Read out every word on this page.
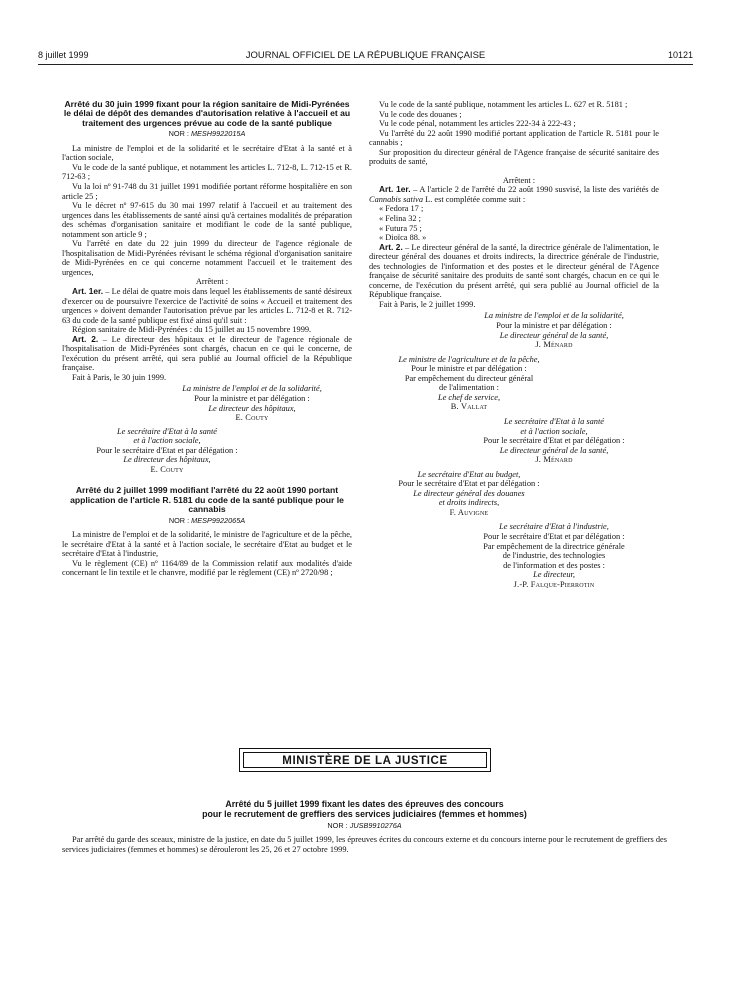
8 juillet 1999	JOURNAL OFFICIEL DE LA RÉPUBLIQUE FRANÇAISE	10121
Arrêté du 30 juin 1999 fixant pour la région sanitaire de Midi-Pyrénées le délai de dépôt des demandes d'autorisation relative à l'accueil et au traitement des urgences prévue au code de la santé publique
NOR : MESH9922015A

La ministre de l'emploi et de la solidarité et le secrétaire d'Etat à la santé et à l'action sociale,

Vu le code de la santé publique, et notamment les articles L. 712-8, L. 712-15 et R. 712-63 ;

Vu la loi nº 91-748 du 31 juillet 1991 modifiée portant réforme hospitalière en son article 25 ;

Vu le décret nº 97-615 du 30 mai 1997 relatif à l'accueil et au traitement des urgences dans les établissements de santé ainsi qu'à certaines modalités de préparation des schémas d'organisation sanitaire et modifiant le code de la santé publique, notamment son article 9 ;

Vu l'arrêté en date du 22 juin 1999 du directeur de l'agence régionale de l'hospitalisation de Midi-Pyrénées révisant le schéma régional d'organisation sanitaire de Midi-Pyrénées en ce qui concerne notamment l'accueil et le traitement des urgences,

Arrêtent :

Art. 1er. – Le délai de quatre mois dans lequel les établissements de santé désireux d'exercer ou de poursuivre l'exercice de l'activité de soins « Accueil et traitement des urgences » doivent demander l'autorisation prévue par les articles L. 712-8 et R. 712-63 du code de la santé publique est fixé ainsi qu'il suit :

Région sanitaire de Midi-Pyrénées : du 15 juillet au 15 novembre 1999.

Art. 2. – Le directeur des hôpitaux et le directeur de l'agence régionale de l'hospitalisation de Midi-Pyrénées sont chargés, chacun en ce qui le concerne, de l'exécution du présent arrêté, qui sera publié au Journal officiel de la République française.

Fait à Paris, le 30 juin 1999.

La ministre de l'emploi et de la solidarité,
Pour la ministre et par délégation :
Le directeur des hôpitaux,
E. Couty
Le secrétaire d'Etat à la santé
et à l'action sociale,
Pour le secrétaire d'Etat et par délégation :
Le directeur des hôpitaux,
E. Couty
Arrêté du 2 juillet 1999 modifiant l'arrêté du 22 août 1990 portant application de l'article R. 5181 du code de la santé publique pour le cannabis
NOR : MESP9922065A

La ministre de l'emploi et de la solidarité, le ministre de l'agriculture et de la pêche, le secrétaire d'Etat à la santé et à l'action sociale, le secrétaire d'Etat au budget et le secrétaire d'Etat à l'industrie,

Vu le règlement (CE) nº 1164/89 de la Commission relatif aux modalités d'aide concernant le lin textile et le chanvre, modifié par le règlement (CE) nº 2720/98 ;

Vu le code de la santé publique, notamment les articles L. 627 et R. 5181 ;

Vu le code des douanes ;

Vu le code pénal, notamment les articles 222-34 à 222-43 ;

Vu l'arrêté du 22 août 1990 modifié portant application de l'article R. 5181 pour le cannabis ;

Sur proposition du directeur général de l'Agence française de sécurité sanitaire des produits de santé,

Arrêtent :

Art. 1er. – A l'article 2 de l'arrêté du 22 août 1990 susvisé, la liste des variétés de Cannabis sativa L. est complétée comme suit :

« Fedora 17 ;
« Felina 32 ;
« Futura 75 ;
« Dioïca 88. »

Art. 2. – Le directeur général de la santé, la directrice générale de l'alimentation, le directeur général des douanes et droits indirects, la directrice générale de l'industrie, des technologies de l'information et des postes et le directeur général de l'Agence française de sécurité sanitaire des produits de santé sont chargés, chacun en ce qui le concerne, de l'exécution du présent arrêté, qui sera publié au Journal officiel de la République française.

Fait à Paris, le 2 juillet 1999.

La ministre de l'emploi et de la solidarité,
Pour la ministre et par délégation :
Le directeur général de la santé,
J. Ménard
Le ministre de l'agriculture et de la pêche,
Pour le ministre et par délégation :
Par empêchement du directeur général
de l'alimentation :
Le chef de service,
B. Vallat
Le secrétaire d'Etat à la santé
et à l'action sociale,
Pour le secrétaire d'Etat et par délégation :
Le directeur général de la santé,
J. Ménard
Le secrétaire d'Etat au budget,
Pour le secrétaire d'Etat et par délégation :
Le directeur général des douanes
et droits indirects,
F. Auvigne
Le secrétaire d'Etat à l'industrie,
Pour le secrétaire d'Etat et par délégation :
Par empêchement de la directrice générale
de l'industrie, des technologies
de l'information et des postes :
Le directeur,
J.-P. Falque-Pierrotin
MINISTÈRE DE LA JUSTICE
Arrêté du 5 juillet 1999 fixant les dates des épreuves des concours
pour le recrutement de greffiers des services judiciaires (femmes et hommes)
NOR : JUSB9910276A

Par arrêté du garde des sceaux, ministre de la justice, en date du 5 juillet 1999, les épreuves écrites du concours externe et du concours interne pour le recrutement de greffiers des services judiciaires (femmes et hommes) se dérouleront les 25, 26 et 27 octobre 1999.
